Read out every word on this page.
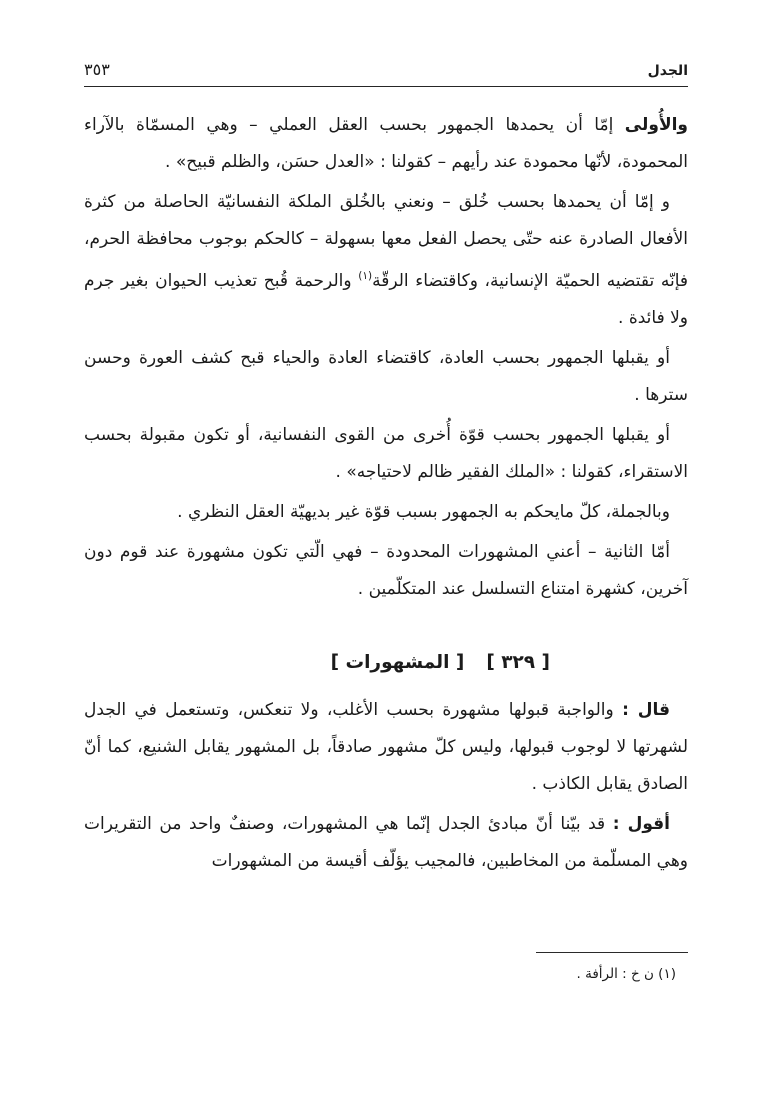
الجدل
٣٥٣

والأُولى إمّا أن يحمدها الجمهور بحسب العقل العملي – وهي المسمّاة بالآراء المحمودة، لأنّها محمودة عند رأيهم – كقولنا : «العدل حسَن، والظلم قبيح» .

و إمّا أن يحمدها بحسب خُلق – ونعني بالخُلق الملكة النفسانيّة الحاصلة من كثرة الأفعال الصادرة عنه حتّى يحصل الفعل معها بسهولة – كالحكم بوجوب محافظة الحرم، فإنّه تقتضيه الحميّة الإنسانية، وكاقتضاء الرقّة$^{(١)}$ والرحمة قُبح تعذيب الحيوان بغير جرم ولا فائدة .

أو يقبلها الجمهور بحسب العادة، كاقتضاء العادة والحياء قبح كشف العورة وحسن سترها .

أو يقبلها الجمهور بحسب قوّة أُخرى من القوى النفسانية، أو تكون مقبولة بحسب الاستقراء، كقولنا : «الملك الفقير ظالم لاحتياجه» .

وبالجملة، كلّ مايحكم به الجمهور بسبب قوّة غير بديهيّة العقل النظري .

أمّا الثانية – أعني المشهورات المحدودة – فهي الّتي تكون مشهورة عند قوم دون آخرين، كشهرة امتناع التسلسل عند المتكلّمين .

[ ٣٢٩ ][ المشهورات ]

قال : والواجبة قبولها مشهورة بحسب الأغلب، ولا تنعكس، وتستعمل في الجدل لشهرتها لا لوجوب قبولها، وليس كلّ مشهور صادقاً، بل المشهور يقابل الشنيع، كما أنّ الصادق يقابل الكاذب .

أقول : قد بيّنا أنّ مبادئ الجدل إنّما هي المشهورات، وصنفٌ واحد من التقريرات وهي المسلّمة من المخاطبين، فالمجيب يؤلّف أقيسة من المشهورات

(١) ن خ : الرأفة .
